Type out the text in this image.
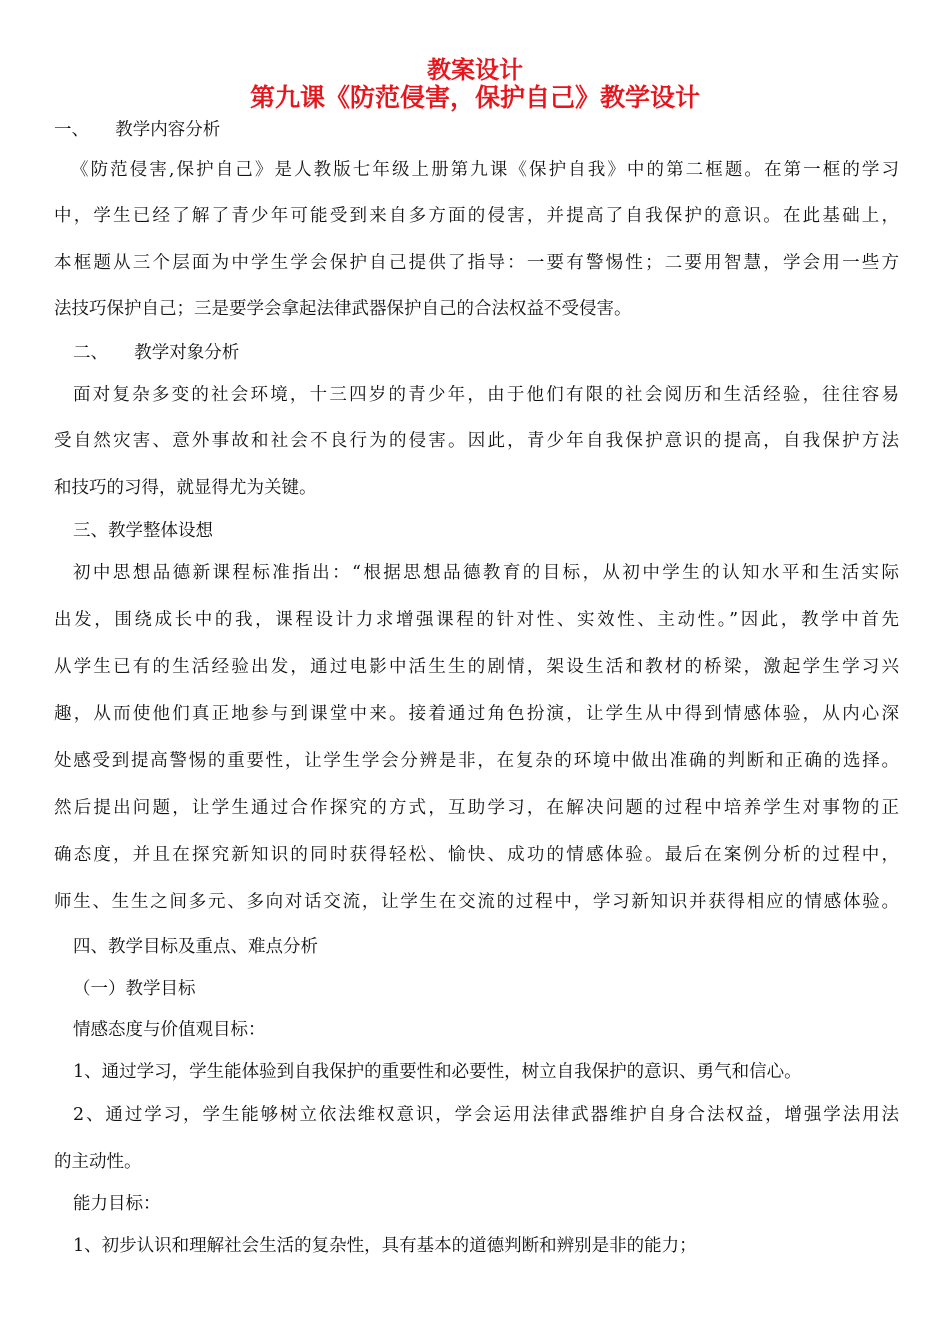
教案设计
第九课《防范侵害，保护自己》教学设计
一、　　教学内容分析
《防范侵害,保护自己》是人教版七年级上册第九课《保护自我》中的第二框题。在第一框的学习
中，学生已经了解了青少年可能受到来自多方面的侵害，并提高了自我保护的意识。在此基础上，
本框题从三个层面为中学生学会保护自己提供了指导：一要有警惕性；二要用智慧，学会用一些方
法技巧保护自己；三是要学会拿起法律武器保护自己的合法权益不受侵害。
二、　　教学对象分析
面对复杂多变的社会环境，十三四岁的青少年，由于他们有限的社会阅历和生活经验，往往容易
受自然灾害、意外事故和社会不良行为的侵害。因此，青少年自我保护意识的提高，自我保护方法
和技巧的习得，就显得尤为关键。
三、教学整体设想
初中思想品德新课程标准指出：“根据思想品德教育的目标，从初中学生的认知水平和生活实际
出发，围绕成长中的我，课程设计力求增强课程的针对性、实效性、主动性。”因此，教学中首先
从学生已有的生活经验出发，通过电影中活生生的剧情，架设生活和教材的桥梁，激起学生学习兴
趣，从而使他们真正地参与到课堂中来。接着通过角色扮演，让学生从中得到情感体验，从内心深
处感受到提高警惕的重要性，让学生学会分辨是非，在复杂的环境中做出准确的判断和正确的选择。
然后提出问题，让学生通过合作探究的方式，互助学习，在解决问题的过程中培养学生对事物的正
确态度，并且在探究新知识的同时获得轻松、愉快、成功的情感体验。最后在案例分析的过程中，
师生、生生之间多元、多向对话交流，让学生在交流的过程中，学习新知识并获得相应的情感体验。
四、教学目标及重点、难点分析
（一）教学目标
情感态度与价值观目标：
1、通过学习，学生能体验到自我保护的重要性和必要性，树立自我保护的意识、勇气和信心。
2、通过学习，学生能够树立依法维权意识，学会运用法律武器维护自身合法权益，增强学法用法
的主动性。
能力目标：
1、初步认识和理解社会生活的复杂性，具有基本的道德判断和辨别是非的能力；
